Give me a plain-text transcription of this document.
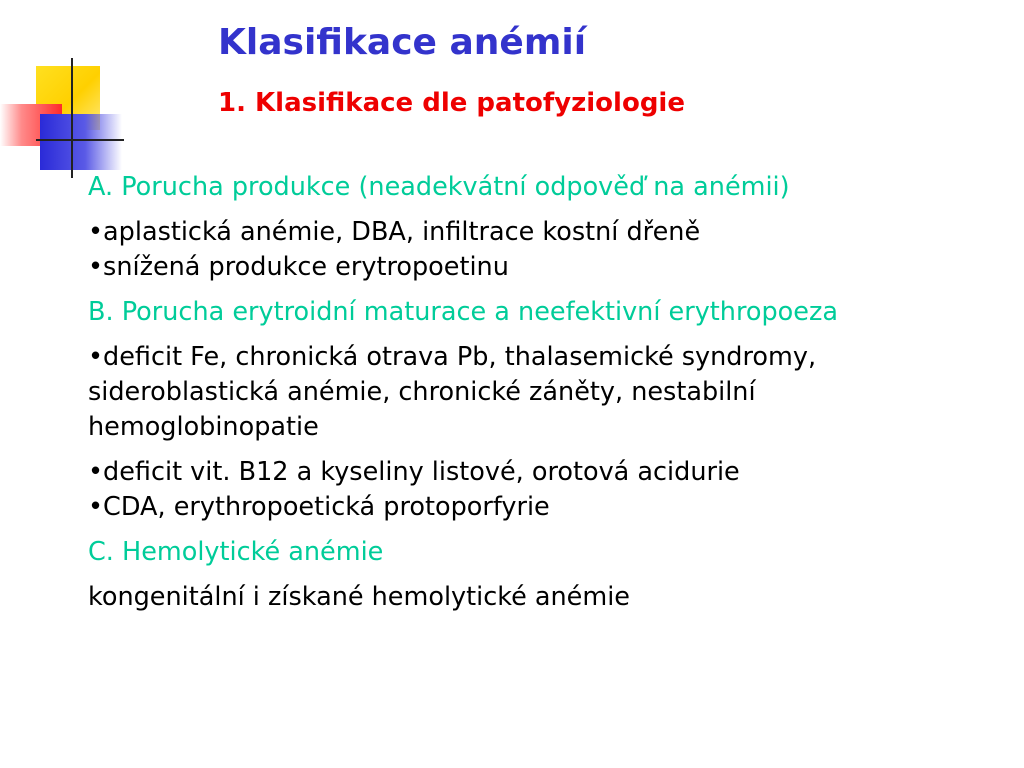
Klasifikace anémií
1. Klasifikace dle patofyziologie

A. Porucha produkce (neadekvátní odpověď na anémii)

•aplastická anémie, DBA, infiltrace kostní dřeně

•snížená produkce erytropoetinu

B. Porucha erytroidní maturace a neefektivní erythropoeza

•deficit Fe, chronická otrava Pb, thalasemické syndromy, sideroblastická anémie, chronické záněty, nestabilní hemoglobinopatie

•deficit vit. B12 a kyseliny listové, orotová acidurie

•CDA, erythropoetická protoporfyrie

C. Hemolytické anémie

kongenitální i získané hemolytické anémie
